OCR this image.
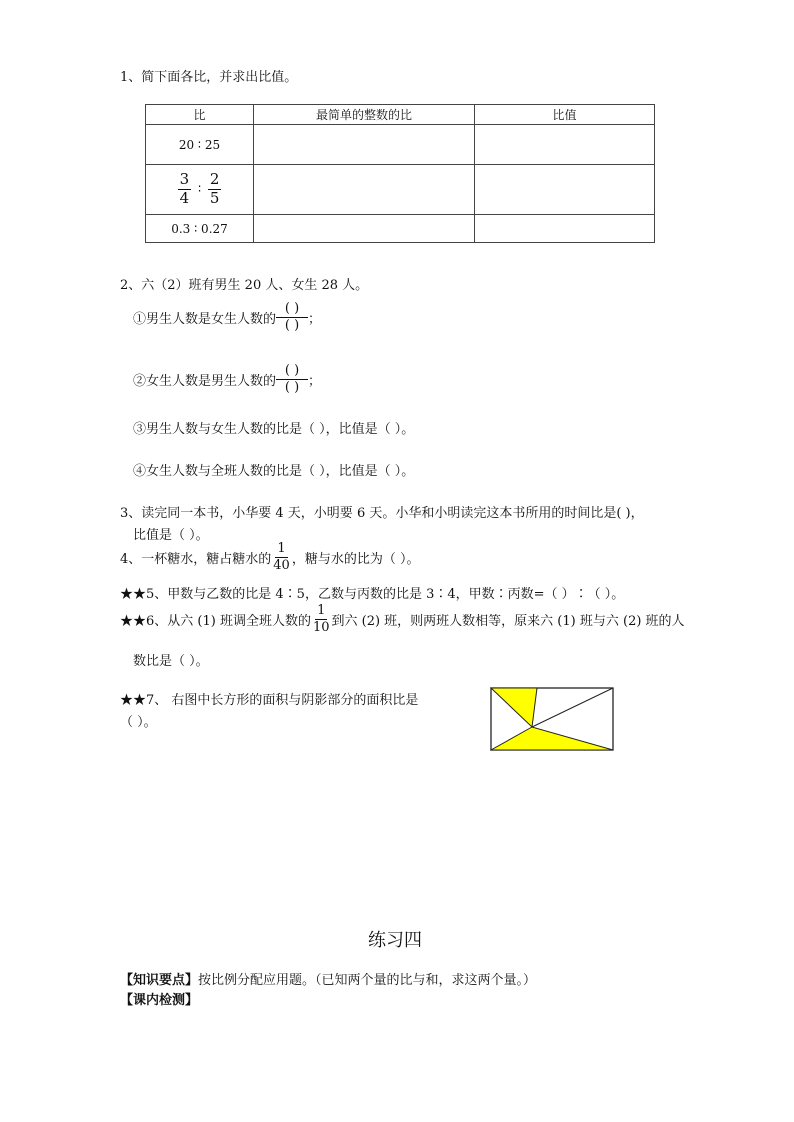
1、简下面各比，并求出比值。
比	最简单的整数的比	比值
20 ∶ 25		

$\frac{3}{4}$ ∶ $\frac{2}{5}$

0.3 ∶ 0.27		
2、六（2）班有男生 20 人、女生 28 人。
①男生人数是女生人数的 $\frac{( )}{( )}$ ；
②女生人数是男生人数的 $\frac{( )}{( )}$ ；
③男生人数与女生人数的比是（ ），比值是（ ）。
④女生人数与全班人数的比是（ ），比值是（ ）。
3、读完同一本书，小华要 4 天，小明要 6 天。小华和小明读完这本书所用的时间比是( )，
比值是（ ）。
4、一杯糖水，糖占糖水的 $\frac{1}{40}$ ，糖与水的比为（ ）。
★★5、甲数与乙数的比是 4∶5，乙数与丙数的比是 3∶4，甲数∶丙数=（ ）∶（ ）。
★★6、从六 (1) 班调全班人数的 $\frac{1}{10}$ 到六 (2) 班，则两班人数相等，原来六 (1) 班与六 (2) 班的人
数比是（ ）。
★★7、 右图中长方形的面积与阴影部分的面积比是
（ ）。
练习四
【知识要点】按比例分配应用题。（已知两个量的比与和，求这两个量。）
【课内检测】
